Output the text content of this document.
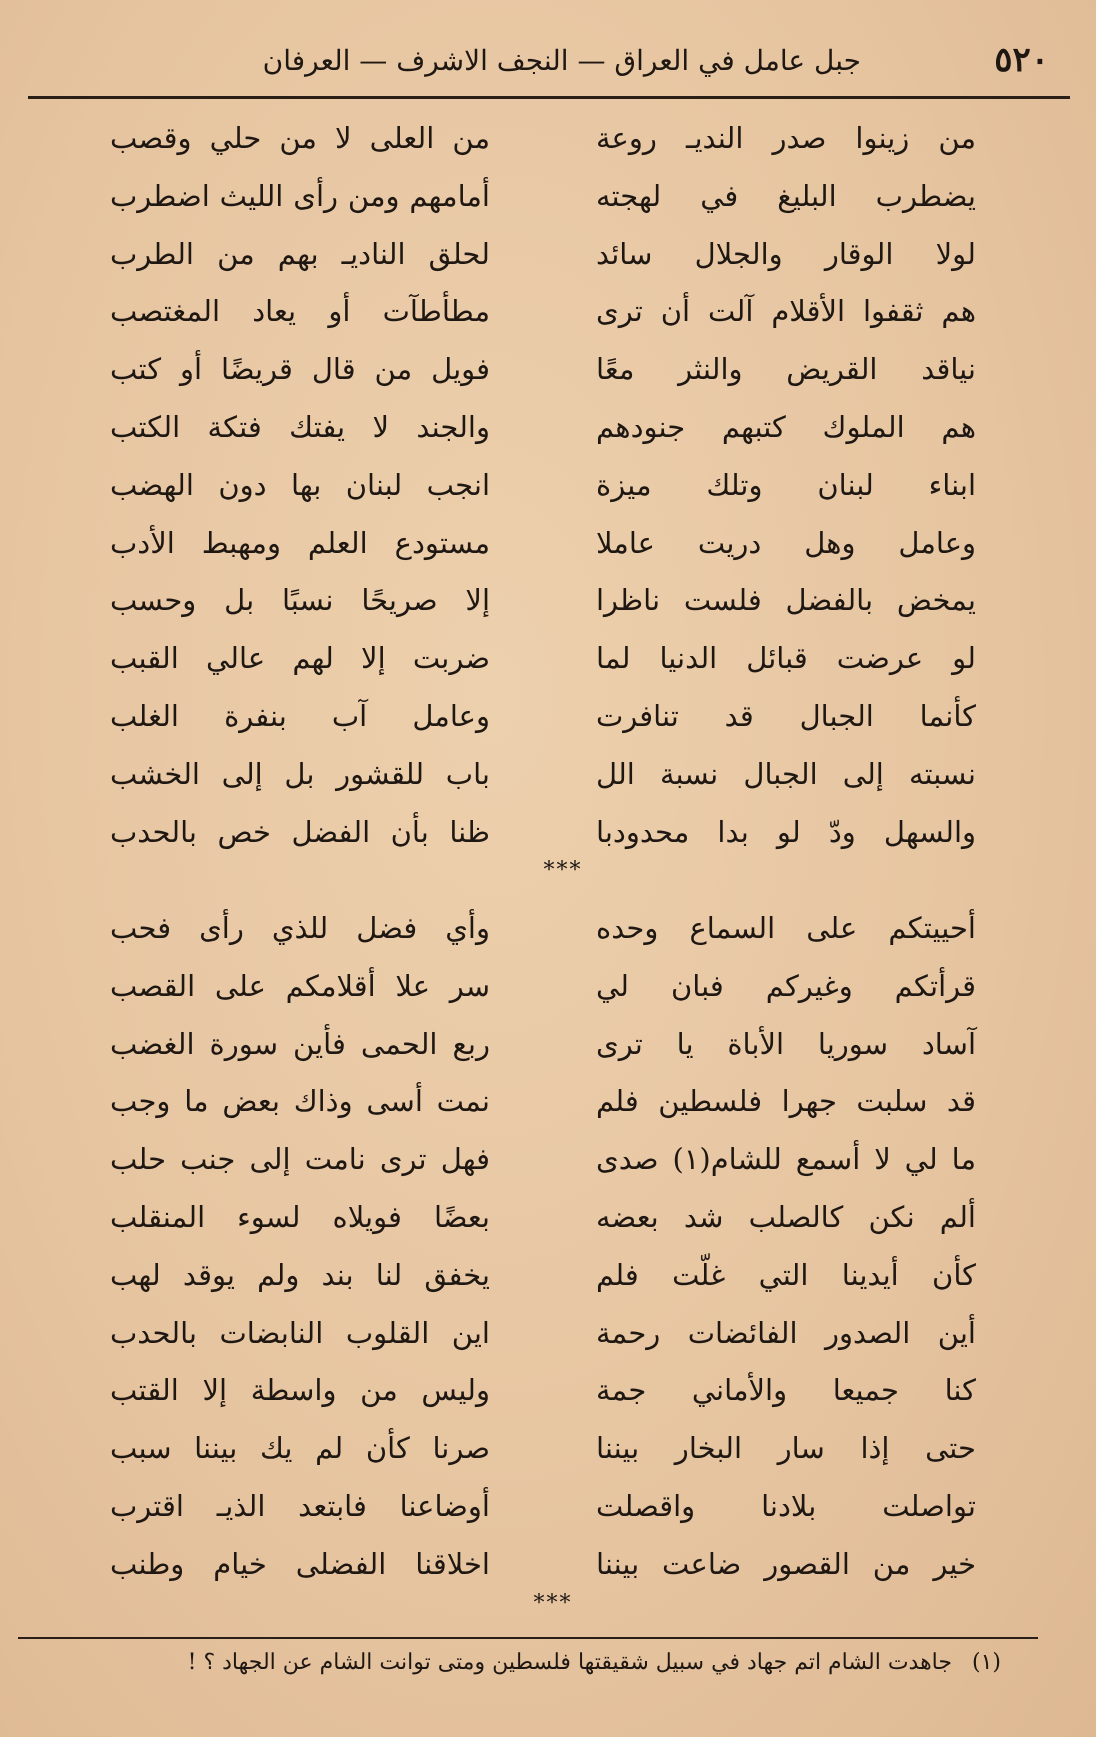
٥٢٠
جبل عامل في العراق — النجف الاشرف — العرفان
من زينوا صدر النديـ روعة
من العلى لا من حلي وقصب
يضطرب البليغ في لهجته
أمامهم ومن رأى الليث اضطرب
لولا الوقار والجلال سائد
لحلق الناديـ بهم من الطرب
هم ثقفوا الأقلام آلت أن ترى
مطأطآت أو يعاد المغتصب
نياقد القريض والنثر معًا
فويل من قال قريضًا أو كتب
هم الملوك كتبهم جنودهم
والجند لا يفتك فتكة الكتب
ابناء لبنان وتلك ميزة
انجب لبنان بها دون الهضب
وعامل وهل دريت عاملا
مستودع العلم ومهبط الأدب
يمخض بالفضل فلست ناظرا
إلا صريحًا نسبًا بل وحسب
لو عرضت قبائل الدنيا لما
ضربت إلا لهم عالي القبب
كأنما الجبال قد تنافرت
وعامل آب بنفرة الغلب
نسبته إلى الجبال نسبة الل
باب للقشور بل إلى الخشب
والسهل ودّ لو بدا محدودبا
ظنا بأن الفضل خص بالحدب
***
أحييتكم على السماع وحده
وأي فضل للذي رأى فحب
قرأتكم وغيركم فبان لي
سر علا أقلامكم على القصب
آساد سوريا الأباة يا ترى
ربع الحمى فأين سورة الغضب
قد سلبت جهرا فلسطين فلم
نمت أسى وذاك بعض ما وجب
ما لي لا أسمع للشام(١) صدى
فهل ترى نامت إلى جنب حلب
ألم نكن كالصلب شد بعضه
بعضًا فويلاه لسوء المنقلب
كأن أيدينا التي غلّت فلم
يخفق لنا بند ولم يوقد لهب
أين الصدور الفائضات رحمة
اين القلوب النابضات بالحدب
كنا جميعا والأماني جمة
وليس من واسطة إلا القتب
حتى إذا سار البخار بيننا
صرنا كأن لم يك بيننا سبب
تواصلت بلادنا واقصلت
أوضاعنا فابتعد الذيـ اقترب
خير من القصور ضاعت بيننا
اخلاقنا الفضلى خيام وطنب
***
(١)جاهدت الشام اتم جهاد في سبيل شقيقتها فلسطين ومتى توانت الشام عن الجهاد ؟ !
